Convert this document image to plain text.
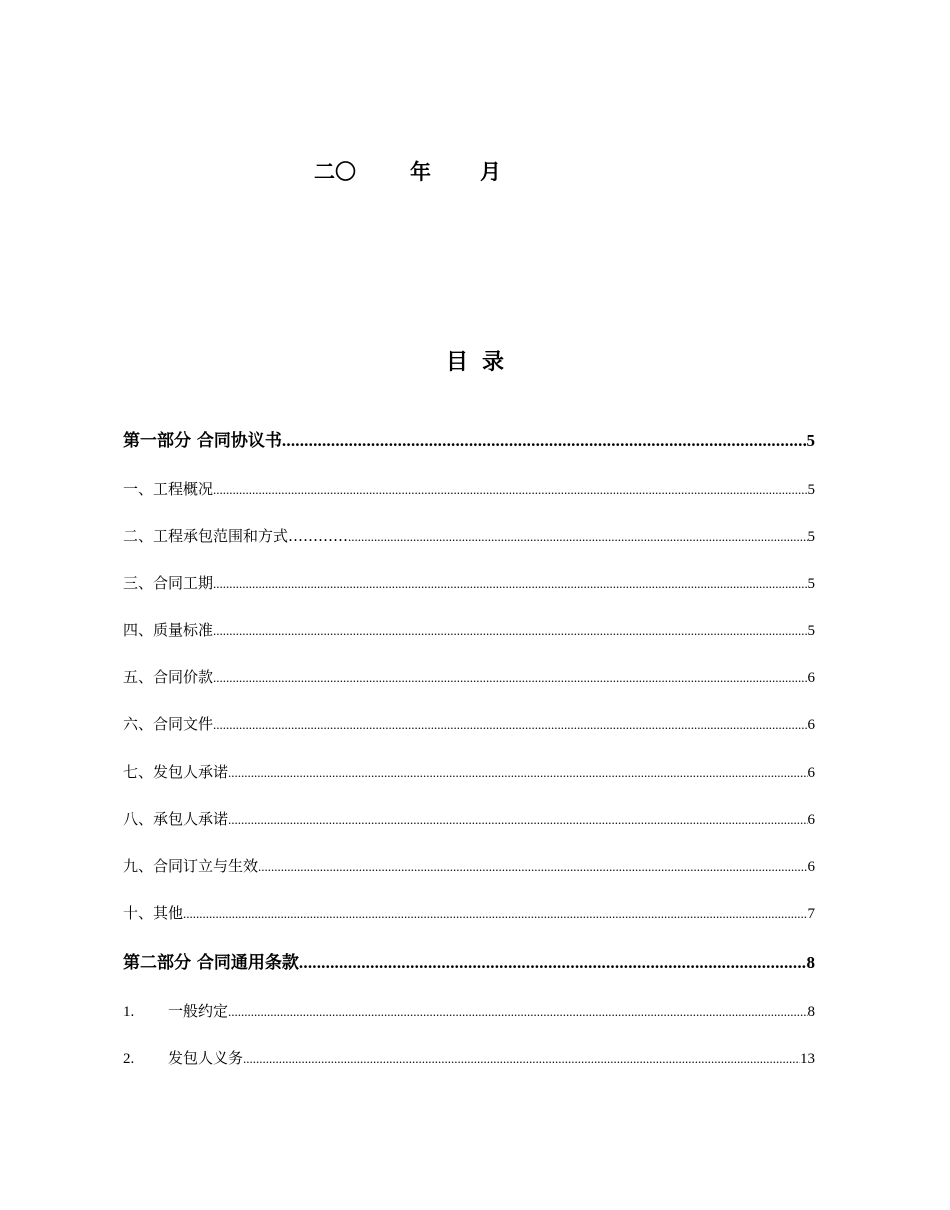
二〇	年 月
目录
第一部分 合同协议书 .....	5
一、工程概况 .....	5
二、工程承包范围和方式………… .....	5
三、合同工期 .....	5
四、质量标准 .....	5
五、合同价款 .....	6
六、合同文件 .....	6
七、发包人承诺 .....	6
八、承包人承诺 .....	6
九、合同订立与生效 .....	6
十、其他 .....	7
第二部分 合同通用条款 .....	8
1. 一般约定 .....	8
2. 发包人义务 .....	13
